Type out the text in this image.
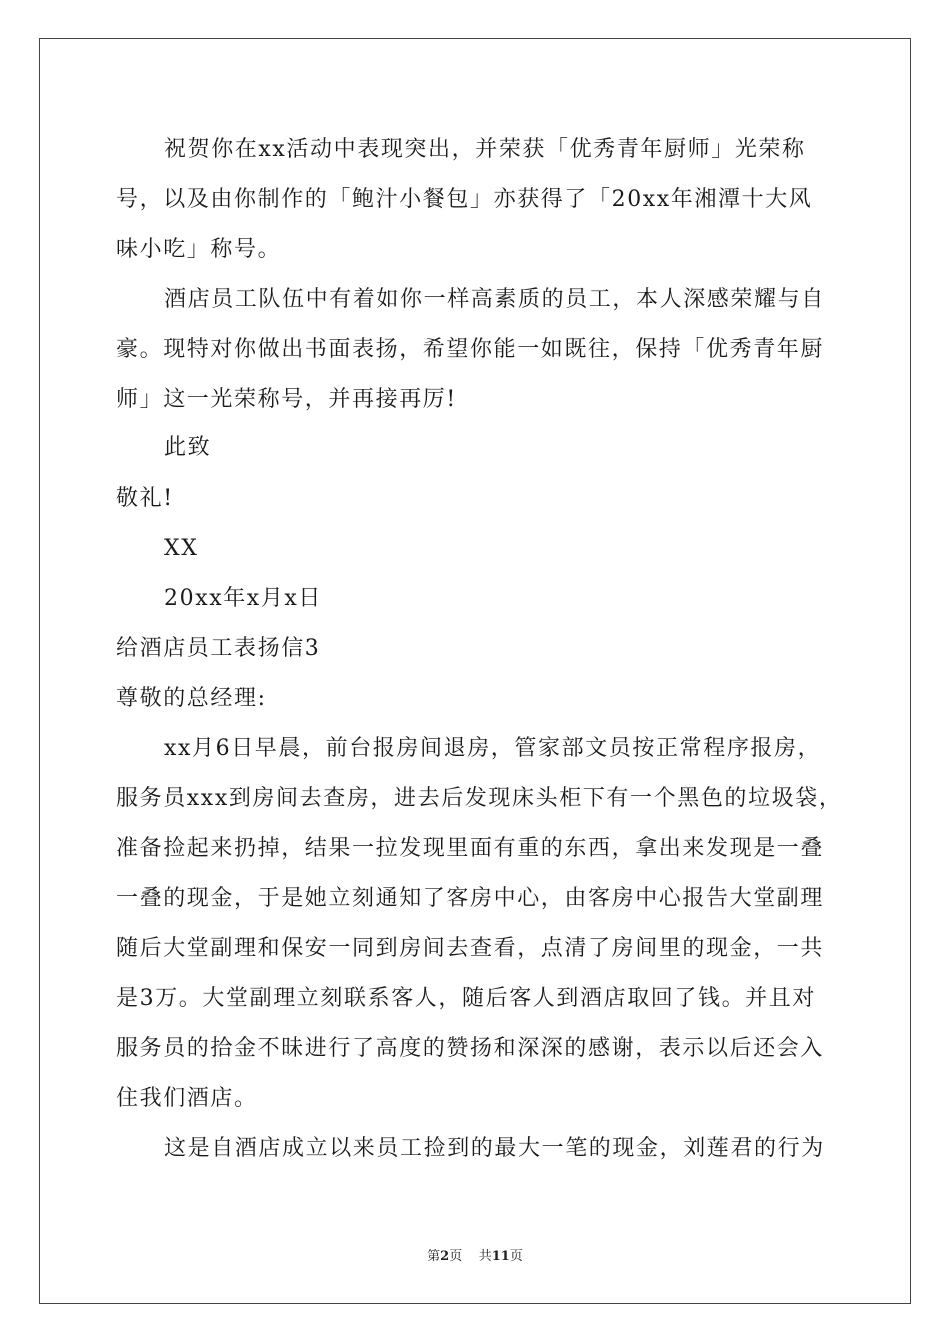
祝贺你在xx活动中表现突出，并荣获「优秀青年厨师」光荣称
号，以及由你制作的「鲍汁小餐包」亦获得了「20xx年湘潭十大风
味小吃」称号。
酒店员工队伍中有着如你一样高素质的员工，本人深感荣耀与自
豪。现特对你做出书面表扬，希望你能一如既往，保持「优秀青年厨
师」这一光荣称号，并再接再厉!
此致
敬礼!
XX
20xx年x月x日
给酒店员工表扬信3
尊敬的总经理:
xx月6日早晨，前台报房间退房，管家部文员按正常程序报房，
服务员xxx到房间去查房，进去后发现床头柜下有一个黑色的垃圾袋，
准备捡起来扔掉，结果一拉发现里面有重的东西，拿出来发现是一叠
一叠的现金，于是她立刻通知了客房中心，由客房中心报告大堂副理
随后大堂副理和保安一同到房间去查看，点清了房间里的现金，一共
是3万。大堂副理立刻联系客人，随后客人到酒店取回了钱。并且对
服务员的拾金不昧进行了高度的赞扬和深深的感谢，表示以后还会入
住我们酒店。
这是自酒店成立以来员工捡到的最大一笔的现金，刘莲君的行为
第2页 共11页
